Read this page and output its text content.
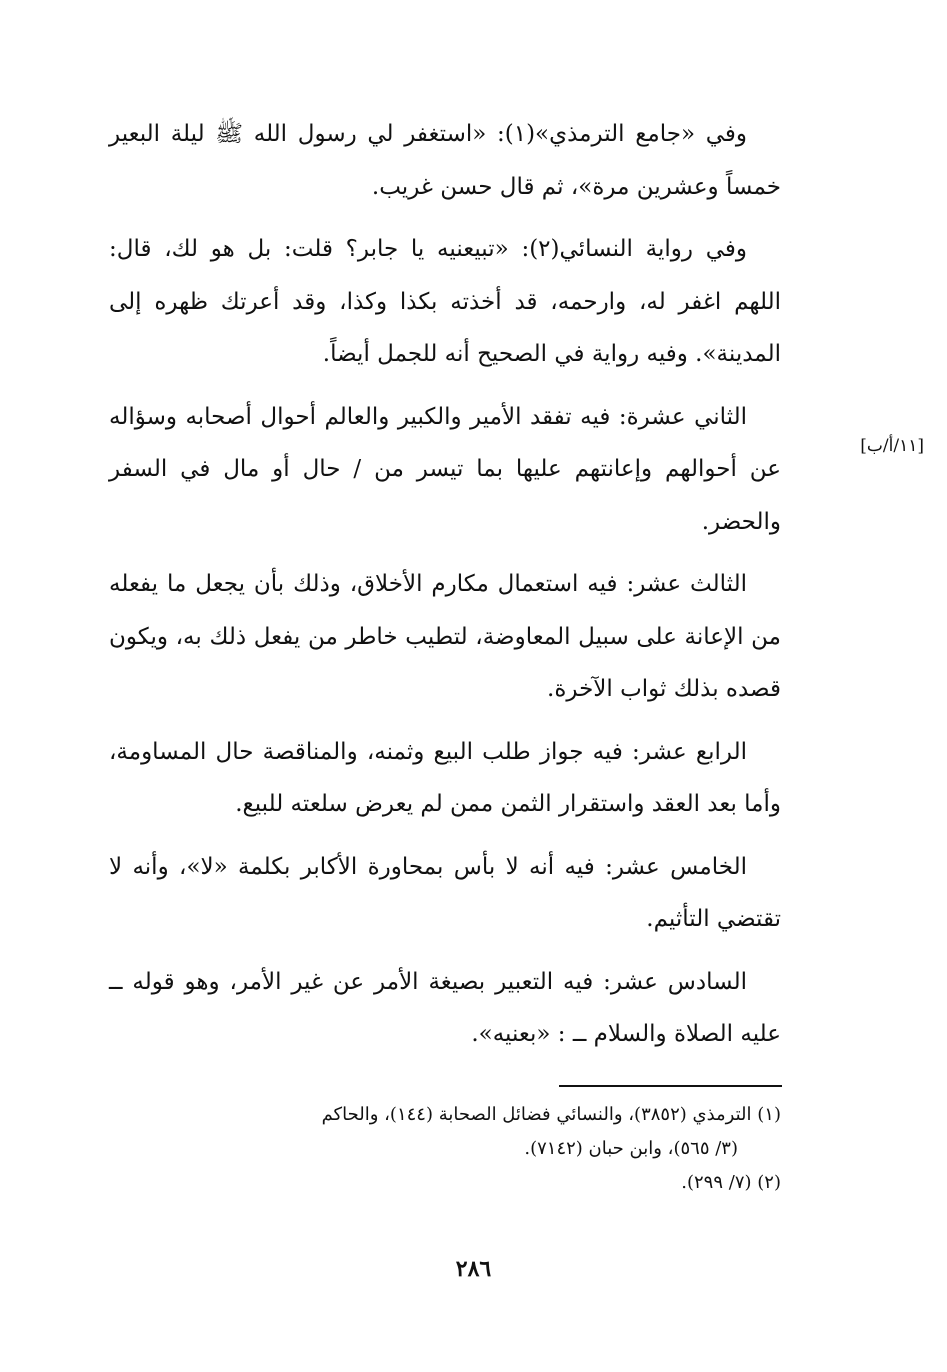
وفي «جامع الترمذي»(١): «استغفر لي رسول الله ﷺ ليلة البعير خمساً وعشرين مرة»، ثم قال حسن غريب.

وفي رواية النسائي(٢): «تبيعنيه يا جابر؟ قلت: بل هو لك، قال: اللهم اغفر له، وارحمه، قد أخذته بكذا وكذا، وقد أعرتك ظهره إلى المدينة». وفيه رواية في الصحيح أنه للجمل أيضاً.

الثاني عشرة: فيه تفقد الأمير والكبير والعالم أحوال أصحابه وسؤاله عن أحوالهم وإعانتهم عليها بما تيسر من / حال أو مال في السفر والحضر.

الثالث عشر: فيه استعمال مكارم الأخلاق، وذلك بأن يجعل ما يفعله من الإعانة على سبيل المعاوضة، لتطيب خاطر من يفعل ذلك به، ويكون قصده بذلك ثواب الآخرة.

الرابع عشر: فيه جواز طلب البيع وثمنه، والمناقصة حال المساومة، وأما بعد العقد واستقرار الثمن ممن لم يعرض سلعته للبيع.

الخامس عشر: فيه أنه لا بأس بمحاورة الأكابر بكلمة «لا»، وأنه لا تقتضي التأثيم.

السادس عشر: فيه التعبير بصيغة الأمر عن غير الأمر، وهو قوله ــ عليه الصلاة والسلام ــ : «بعنيه».

[١١/أ/ب]

(١) الترمذي (٣٨٥٢)، والنسائي فضائل الصحابة (١٤٤)، والحاكم
(٣/ ٥٦٥)، وابن حبان (٧١٤٢).

(٢) (٧/ ٢٩٩).

٢٨٦
